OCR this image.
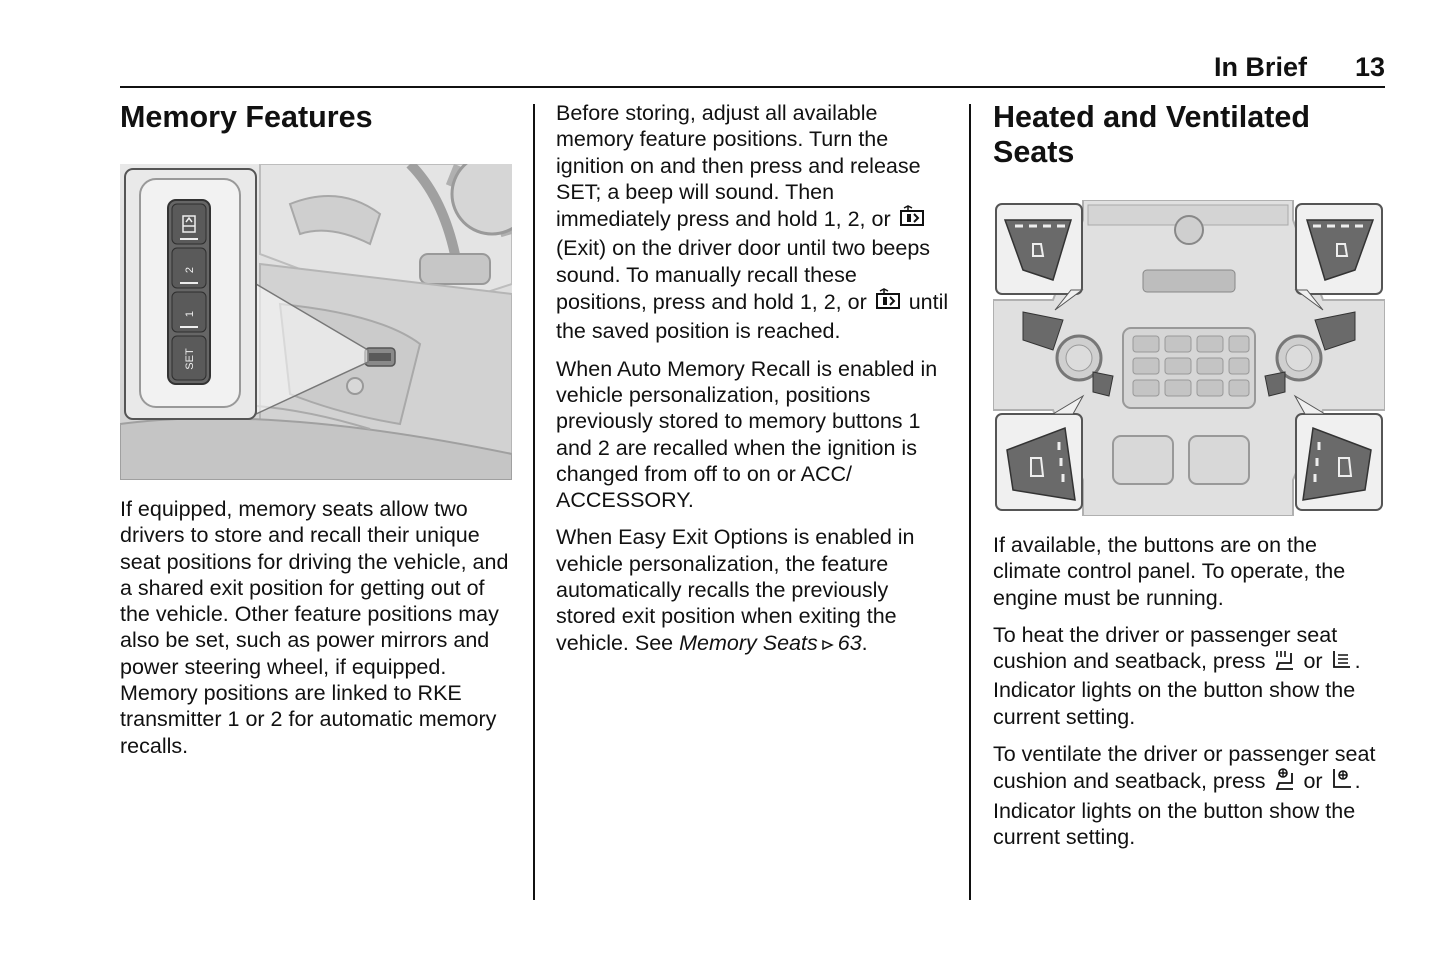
In Brief 13
Memory Features
2
1
SET

If equipped, memory seats allow two drivers to store and recall their unique seat positions for driving the vehicle, and a shared exit position for getting out of the vehicle. Other feature positions may also be set, such as power mirrors and power steering wheel, if equipped. Memory positions are linked to RKE transmitter 1 or 2 for automatic memory recalls.

Before storing, adjust all available memory feature positions. Turn the ignition on and then press and release SET; a beep will sound. Then immediately press and hold 1, 2, or  (Exit) on the driver door until two beeps sound. To manually recall these positions, press and hold 1, 2, or until the saved position is reached.

When Auto Memory Recall is enabled in vehicle personalization, positions previously stored to memory buttons 1 and 2 are recalled when the ignition is changed from off to on or ACC/ ACCESSORY.

When Easy Exit Options is enabled in vehicle personalization, the feature automatically recalls the previously stored exit position when exiting the vehicle. See Memory Seats 63.

Heated and Ventilated Seats

If available, the buttons are on the climate control panel. To operate, the engine must be running.

To heat the driver or passenger seat cushion and seatback, press or . Indicator lights on the button show the current setting.

To ventilate the driver or passenger seat cushion and seatback, press or . Indicator lights on the button show the current setting.
